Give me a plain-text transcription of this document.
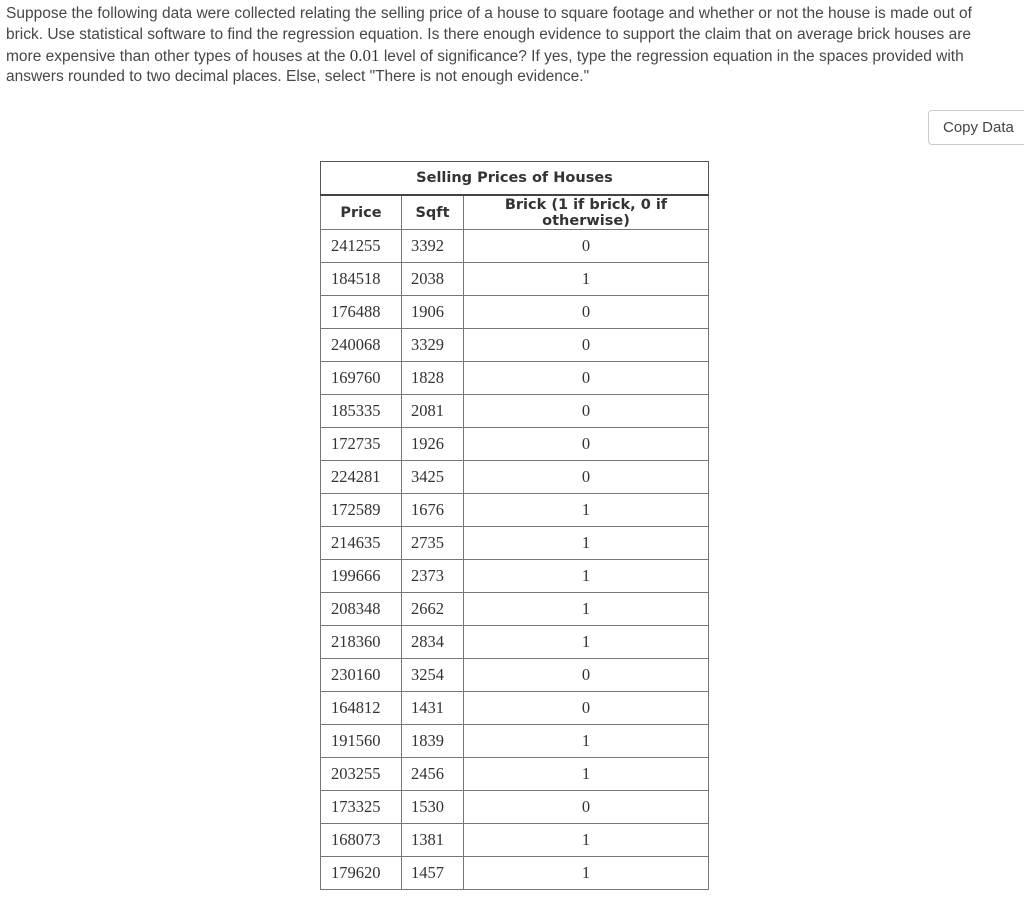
Suppose the following data were collected relating the selling price of a house to square footage and whether or not the house is made out of
brick. Use statistical software to find the regression equation. Is there enough evidence to support the claim that on average brick houses are
more expensive than other types of houses at the 0.01 level of significance? If yes, type the regression equation in the spaces provided with
answers rounded to two decimal places. Else, select "There is not enough evidence."
Copy Data
Selling Prices of Houses		
Price	Sqft	Brick (1 if brick, 0 if otherwise)
241255	3392	0
184518	2038	1
176488	1906	0
240068	3329	0
169760	1828	0
185335	2081	0
172735	1926	0
224281	3425	0
172589	1676	1
214635	2735	1
199666	2373	1
208348	2662	1
218360	2834	1
230160	3254	0
164812	1431	0
191560	1839	1
203255	2456	1
173325	1530	0
168073	1381	1
179620	1457	1
